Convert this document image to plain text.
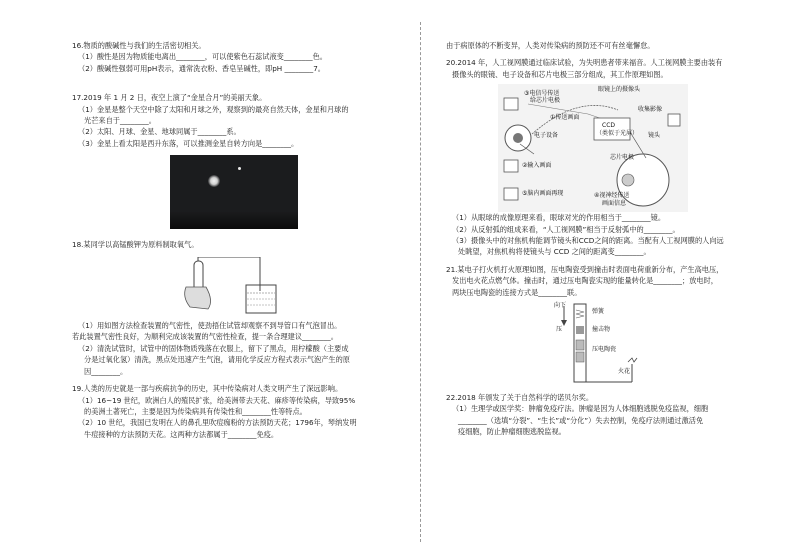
16.物质的酸碱性与我们的生活密切相关。

（1）酸性是因为物质能电离出________，可以使紫色石蕊试液变________色。

（2）酸碱性强弱可用pH表示，通常洗衣粉、香皂呈碱性，即pH ________7。

17.2019 年 1 月 2 日，夜空上演了“金星合月”的美丽天象。

（1）金星是整个天空中除了太阳和月球之外，观察到的最亮自然天体，金星和月球的

光芒来自于________。

（2）太阳、月球、金星、地球同属于________系。

（3）金星上看太阳是西升东落，可以推测金星自转方向是________。

18.某同学以高锰酸钾为原料制取氧气。

（1）用如图方法检查装置的气密性，使劲捂住试管却观察不到导管口有气泡冒出。

若此装置气密性良好，为顺利完成该装置的气密性检查，提一条合理建议________。

（2）清洗试管时，试管中的固体物质残落在衣服上，留下了黑点，用柠檬酸（主要成

分是过氧化氢）清洗，黑点处迅速产生气泡，请用化学反应方程式表示气泡产生的原

因________。

19.人类的历史就是一部与疾病抗争的历史，其中传染病对人类文明产生了深远影响。

（1）16~19 世纪，欧洲白人的殖民扩张，给美洲带去天花、麻疹等传染病，导致95%

的美洲土著死亡，主要是因为传染病具有传染性和________性等特点。

（2）10 世纪，我国已发明在人的鼻孔里吹痘痂粉的方法预防天花；1796年，琴纳发明

牛痘接种的方法预防天花。这两种方法都属于________免疫。

由于病原体的不断变异，人类对传染病的预防还不可有丝毫懈怠。

20.2014 年，人工视网膜通过临床试验，为失明患者带来福音。人工视网膜主要由装有

摄像头的眼镜、电子设备和芯片电极三部分组成，其工作原理如图。

③电信号传送
给芯片电极
眼镜上的摄像头
①传送画面
收集影像
电子设备
CCD
（类似于光屏） 镜头
②输入画面
芯片电极
⑤脑内画面再现	④视神经传送
画面信息

（1）从眼球的成像原理来看，眼球对光的作用相当于________镜。

（2）从反射弧的组成来看，“人工视网膜”相当于反射弧中的________。

（3）摄像头中的对焦机构能调节镜头和CCD之间的距离。当配有人工视网膜的人向远

处眺望，对焦机构将使镜头与 CCD 之间的距离变________。

21.某电子打火机打火原理如图，压电陶瓷受到撞击时表面电荷重新分布，产生高电压，

发出电火花点燃气体。撞击时，通过压电陶瓷实现的能量转化是________；放电时，

两块压电陶瓷的连接方式是________联。

向下
压
弹簧
撞击物
压电陶瓷
火花

22.2018 年颁发了关于自然科学的诺贝尔奖。

（1）生理学或医学奖：肿瘤免疫疗法。肿瘤是因为人体细胞逃脱免疫监视，细胞

________（选填“分裂”、“生长”或“分化”）失去控制，免疫疗法则通过激活免

疫细胞，防止肿瘤细胞逃脱监视。
